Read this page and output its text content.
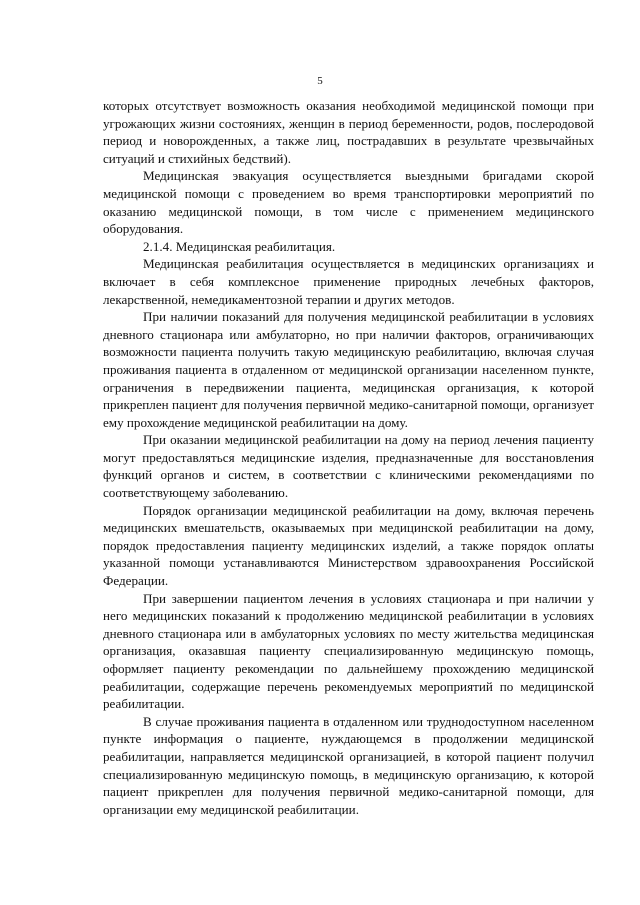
5

которых отсутствует возможность оказания необходимой медицинской помощи при угрожающих жизни состояниях, женщин в период беременности, родов, послеродовой период и новорожденных, а также лиц, пострадавших в результате чрезвычайных ситуаций и стихийных бедствий).

Медицинская эвакуация осуществляется выездными бригадами скорой медицинской помощи с проведением во время транспортировки мероприятий по оказанию медицинской помощи, в том числе с применением медицинского оборудования.

2.1.4. Медицинская реабилитация.

Медицинская реабилитация осуществляется в медицинских организациях и включает в себя комплексное применение природных лечебных факторов, лекарственной, немедикаментозной терапии и других методов.

При наличии показаний для получения медицинской реабилитации в условиях дневного стационара или амбулаторно, но при наличии факторов, ограничивающих возможности пациента получить такую медицинскую реабилитацию, включая случая проживания пациента в отдаленном от медицинской организации населенном пункте, ограничения в передвижении пациента, медицинская организация, к которой прикреплен пациент для получения первичной медико-санитарной помощи, организует ему прохождение медицинской реабилитации на дому.

При оказании медицинской реабилитации на дому на период лечения пациенту могут предоставляться медицинские изделия, предназначенные для восстановления функций органов и систем, в соответствии с клиническими рекомендациями по соответствующему заболеванию.

Порядок организации медицинской реабилитации на дому, включая перечень медицинских вмешательств, оказываемых при медицинской реабилитации на дому, порядок предоставления пациенту медицинских изделий, а также порядок оплаты указанной помощи устанавливаются Министерством здравоохранения Российской Федерации.

При завершении пациентом лечения в условиях стационара и при наличии у него медицинских показаний к продолжению медицинской реабилитации в условиях дневного стационара или в амбулаторных условиях по месту жительства медицинская организация, оказавшая пациенту специализированную медицинскую помощь, оформляет пациенту рекомендации по дальнейшему прохождению медицинской реабилитации, содержащие перечень рекомендуемых мероприятий по медицинской реабилитации.

В случае проживания пациента в отдаленном или труднодоступном населенном пункте информация о пациенте, нуждающемся в продолжении медицинской реабилитации, направляется медицинской организацией, в которой пациент получил специализированную медицинскую помощь, в медицинскую организацию, к которой пациент прикреплен для получения первичной медико-санитарной помощи, для организации ему медицинской реабилитации.
